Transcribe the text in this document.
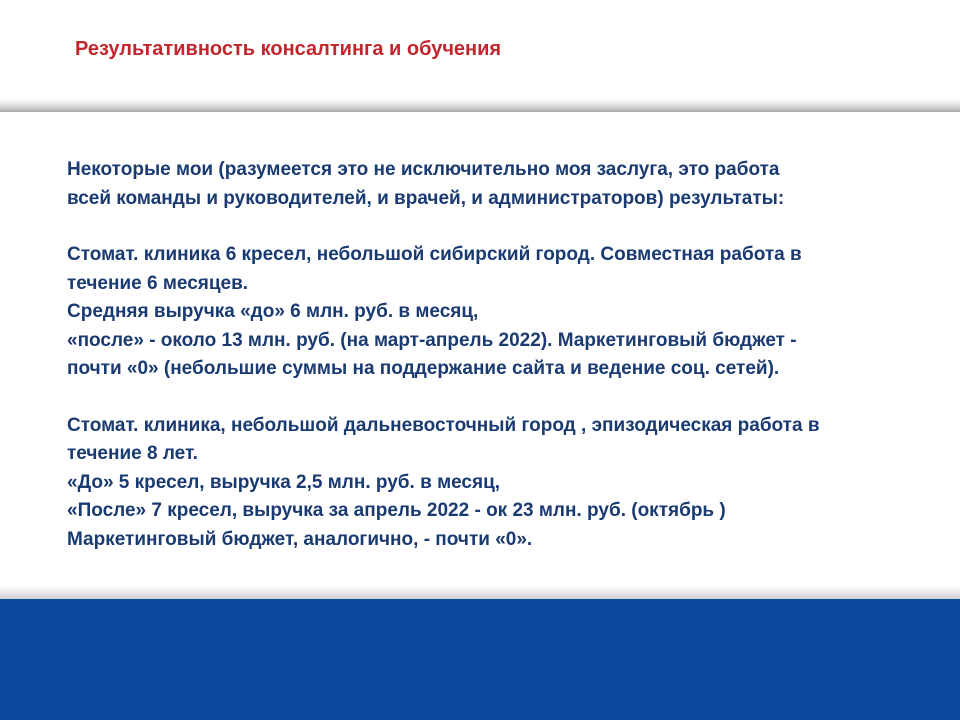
Результативность консалтинга и обучения

Некоторые мои (разумеется это не исключительно моя заслуга, это работа

всей команды и руководителей, и врачей, и администраторов) результаты:

Стомат. клиника 6 кресел, небольшой сибирский город. Совместная работа в

течение 6 месяцев.

Средняя выручка «до» 6 млн. руб. в месяц,

«после» - около 13 млн. руб. (на март-апрель 2022). Маркетинговый бюджет -

почти «0» (небольшие суммы на поддержание сайта и ведение соц. сетей).

Стомат. клиника, небольшой дальневосточный город , эпизодическая работа в

течение 8 лет.

«До» 5 кресел, выручка 2,5 млн. руб. в месяц,

«После» 7 кресел, выручка за апрель 2022 - ок 23 млн. руб. (октябрь )

Маркетинговый бюджет, аналогично, - почти «0».
